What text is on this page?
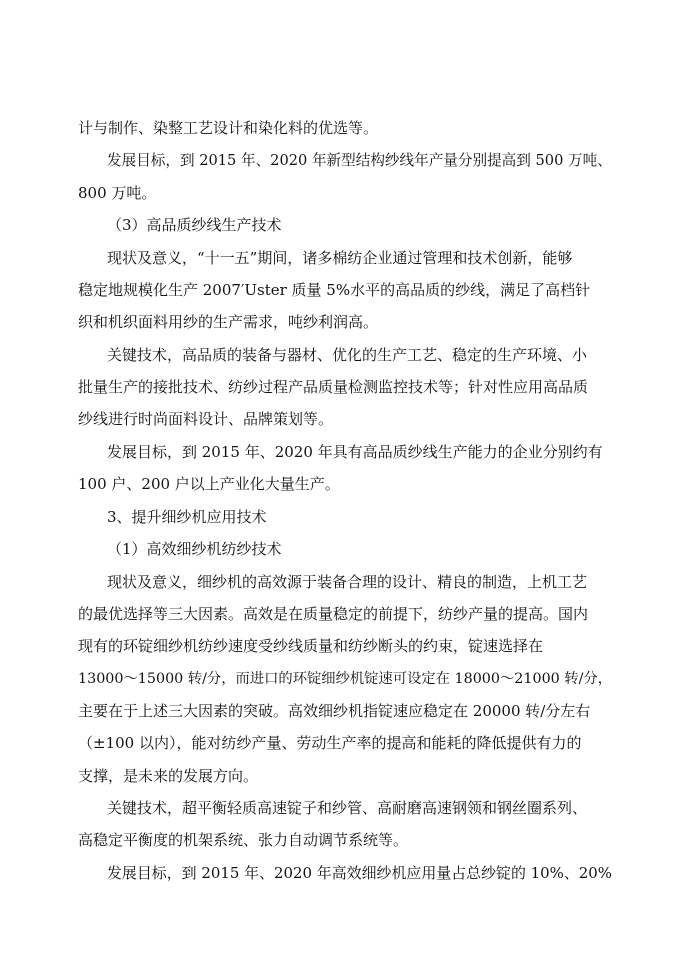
计与制作、染整工艺设计和染化料的优选等。
发展目标，到 2015 年、2020 年新型结构纱线年产量分别提高到 500 万吨、
800 万吨。
（3）高品质纱线生产技术
现状及意义，“十一五”期间，诸多棉纺企业通过管理和技术创新，能够
稳定地规模化生产 2007′Uster 质量 5%水平的高品质的纱线，满足了高档针
织和机织面料用纱的生产需求，吨纱利润高。
关键技术，高品质的装备与器材、优化的生产工艺、稳定的生产环境、小
批量生产的接批技术、纺纱过程产品质量检测监控技术等；针对性应用高品质
纱线进行时尚面料设计、品牌策划等。
发展目标，到 2015 年、2020 年具有高品质纱线生产能力的企业分别约有
100 户、200 户以上产业化大量生产。
3、提升细纱机应用技术
（1）高效细纱机纺纱技术
现状及意义，细纱机的高效源于装备合理的设计、精良的制造，上机工艺
的最优选择等三大因素。高效是在质量稳定的前提下，纺纱产量的提高。国内
现有的环锭细纱机纺纱速度受纱线质量和纺纱断头的约束，锭速选择在
13000～15000 转/分，而进口的环锭细纱机锭速可设定在 18000～21000 转/分，
主要在于上述三大因素的突破。高效细纱机指锭速应稳定在 20000 转/分左右
（±100 以内），能对纺纱产量、劳动生产率的提高和能耗的降低提供有力的
支撑，是未来的发展方向。
关键技术，超平衡轻质高速锭子和纱管、高耐磨高速钢领和钢丝圈系列、
高稳定平衡度的机架系统、张力自动调节系统等。
发展目标，到 2015 年、2020 年高效细纱机应用量占总纱锭的 10%、20%
